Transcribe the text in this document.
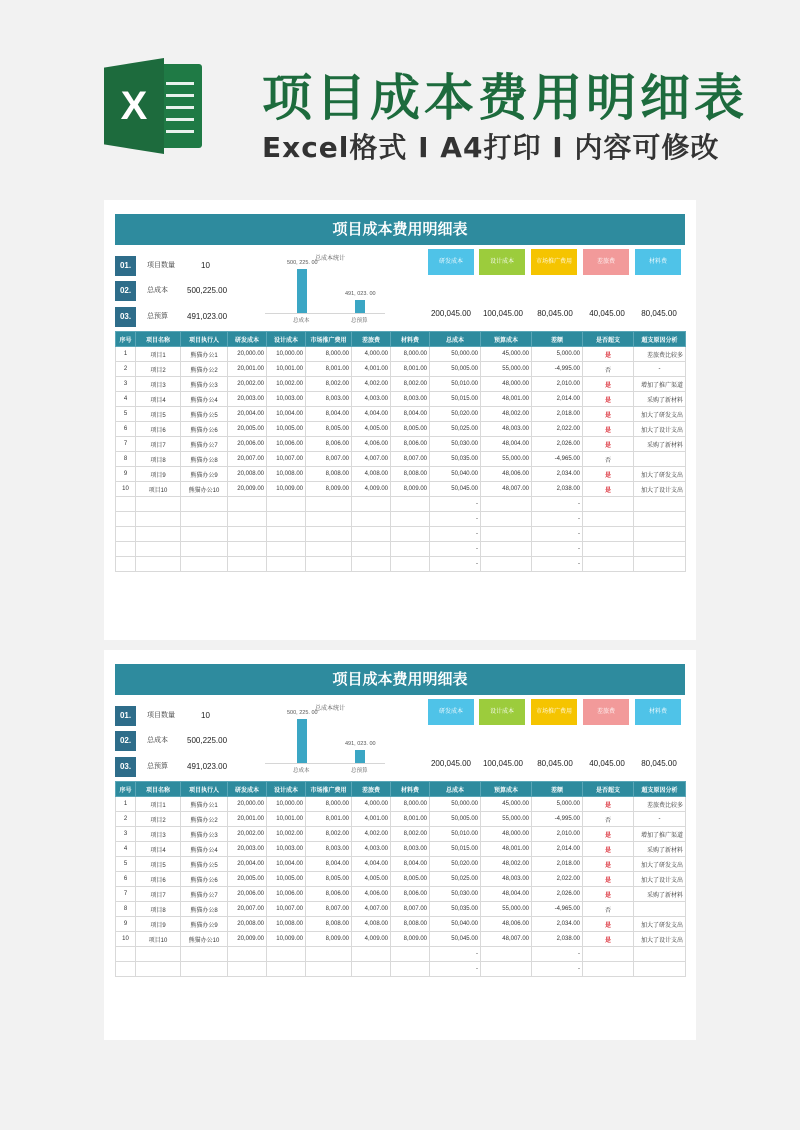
X 项目成本费用明细表
Excel格式 I A4打印 I 内容可修改
项目成本费用明细表
01.	项目数量	10
02.	总成本 500,225.00
03.	总预算 491,023.00
总成本统计
500, 225. 00
总成本
491, 023. 00
总预算
研发成本	设计成本	市场推广费用	差旅费	材料费
200,045.00	100,045.00	80,045.00	40,045.00	80,045.00
序号	项目名称	项目执行人	研发成本	设计成本	市场推广费用	差旅费	材料费	总成本	预算成本	差额	是否超支	超支原因分析
1	项目1	熊猫办公1	20,000.00	10,000.00	8,000.00	4,000.00	8,000.00	50,000.00	45,000.00	5,000.00	是	差旅费比较多
2	项目2	熊猫办公2	20,001.00	10,001.00	8,001.00	4,001.00	8,001.00	50,005.00	55,000.00	-4,995.00	否	-
3	项目3	熊猫办公3	20,002.00	10,002.00	8,002.00	4,002.00	8,002.00	50,010.00	48,000.00	2,010.00	是	增加了推广渠道
4	项目4	熊猫办公4	20,003.00	10,003.00	8,003.00	4,003.00	8,003.00	50,015.00	48,001.00	2,014.00	是	采购了新材料
5	项目5	熊猫办公5	20,004.00	10,004.00	8,004.00	4,004.00	8,004.00	50,020.00	48,002.00	2,018.00	是	加大了研发支出
6	项目6	熊猫办公6	20,005.00	10,005.00	8,005.00	4,005.00	8,005.00	50,025.00	48,003.00	2,022.00	是	加大了设计支出
7	项目7	熊猫办公7	20,006.00	10,006.00	8,006.00	4,006.00	8,006.00	50,030.00	48,004.00	2,026.00	是	采购了新材料
8	项目8	熊猫办公8	20,007.00	10,007.00	8,007.00	4,007.00	8,007.00	50,035.00	55,000.00	-4,965.00	否	
9	项目9	熊猫办公9	20,008.00	10,008.00	8,008.00	4,008.00	8,008.00	50,040.00	48,006.00	2,034.00	是	加大了研发支出
10	项目10	熊猫办公10	20,009.00	10,009.00	8,009.00	4,009.00	8,009.00	50,045.00	48,007.00	2,038.00	是	加大了设计支出
								-		-		
								-		-		
								-		-		
								-		-		
								-		-		
项目成本费用明细表
01.	项目数量	10
02.	总成本 500,225.00
03.	总预算 491,023.00
总成本统计
500, 225. 00
总成本
491, 023. 00
总预算
研发成本	设计成本	市场推广费用	差旅费	材料费
200,045.00	100,045.00	80,045.00	40,045.00	80,045.00
序号	项目名称	项目执行人	研发成本	设计成本	市场推广费用	差旅费	材料费	总成本	预算成本	差额	是否超支	超支原因分析
1	项目1	熊猫办公1	20,000.00	10,000.00	8,000.00	4,000.00	8,000.00	50,000.00	45,000.00	5,000.00	是	差旅费比较多
2	项目2	熊猫办公2	20,001.00	10,001.00	8,001.00	4,001.00	8,001.00	50,005.00	55,000.00	-4,995.00	否	-
3	项目3	熊猫办公3	20,002.00	10,002.00	8,002.00	4,002.00	8,002.00	50,010.00	48,000.00	2,010.00	是	增加了推广渠道
4	项目4	熊猫办公4	20,003.00	10,003.00	8,003.00	4,003.00	8,003.00	50,015.00	48,001.00	2,014.00	是	采购了新材料
5	项目5	熊猫办公5	20,004.00	10,004.00	8,004.00	4,004.00	8,004.00	50,020.00	48,002.00	2,018.00	是	加大了研发支出
6	项目6	熊猫办公6	20,005.00	10,005.00	8,005.00	4,005.00	8,005.00	50,025.00	48,003.00	2,022.00	是	加大了设计支出
7	项目7	熊猫办公7	20,006.00	10,006.00	8,006.00	4,006.00	8,006.00	50,030.00	48,004.00	2,026.00	是	采购了新材料
8	项目8	熊猫办公8	20,007.00	10,007.00	8,007.00	4,007.00	8,007.00	50,035.00	55,000.00	-4,965.00	否	
9	项目9	熊猫办公9	20,008.00	10,008.00	8,008.00	4,008.00	8,008.00	50,040.00	48,006.00	2,034.00	是	加大了研发支出
10	项目10	熊猫办公10	20,009.00	10,009.00	8,009.00	4,009.00	8,009.00	50,045.00	48,007.00	2,038.00	是	加大了设计支出
								-		-		
								-		-		
